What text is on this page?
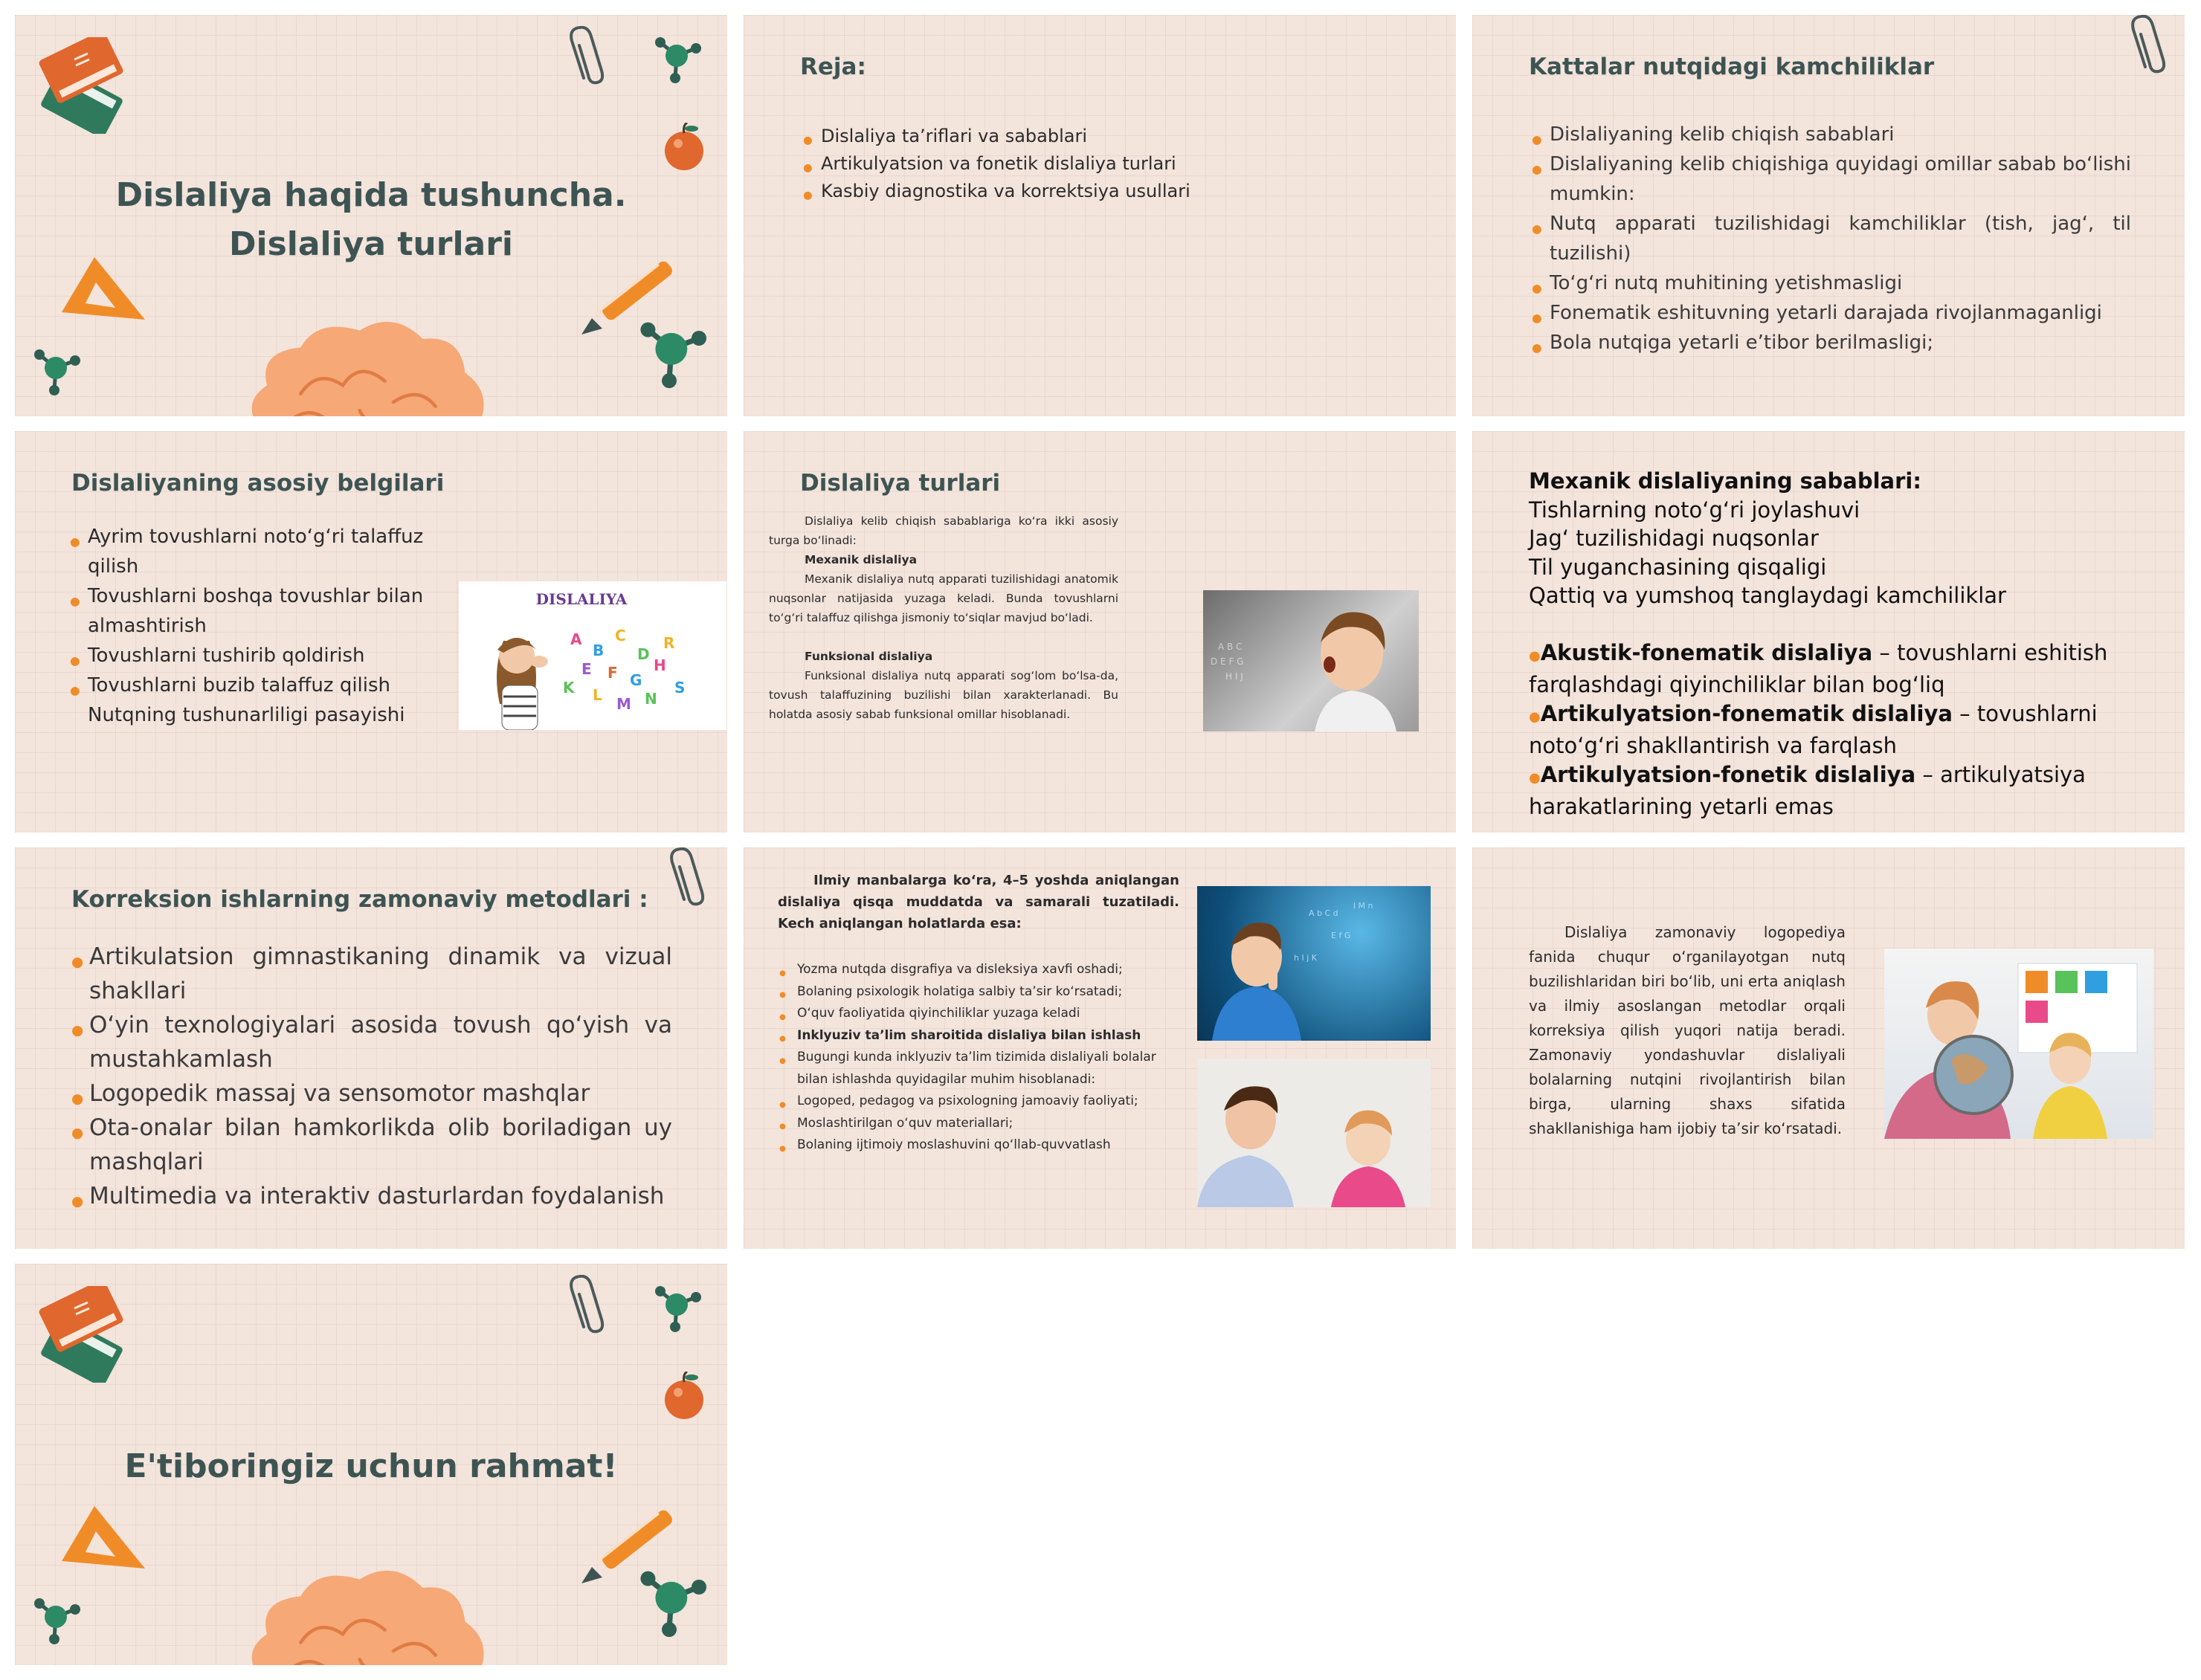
Dislaliya haqida tushuncha.
Dislaliya turlari
Reja:
● Dislaliya ta’riflari va sabablari
● Artikulyatsion va fonetik dislaliya turlari
● Kasbiy diagnostika va korrektsiya usullari
Kattalar nutqidagi kamchiliklar
● Dislaliyaning kelib chiqish sabablari
● Dislaliyaning kelib chiqishiga quyidagi omillar sabab bo‘lishi mumkin:
● Nutq apparati tuzilishidagi kamchiliklar (tish, jag‘, til tuzilishi)
● To‘g‘ri nutq muhitining yetishmasligi
● Fonematik eshituvning yetarli darajada rivojlanmaganligi
● Bola nutqiga yetarli e’tibor berilmasligi;
Dislaliyaning asosiy belgilari
● Ayrim tovushlarni noto‘g‘ri talaffuz qilish
● Tovushlarni boshqa tovushlar bilan almashtirish
● Tovushlarni tushirib qoldirish
● Tovushlarni buzib talaffuz qilish Nutqning tushunarliligi pasayishi
DISLALIYA
A
B
C
D
E F G
H
K L M N
R
S
Dislaliya turlari
Dislaliya kelib chiqish sabablariga ko‘ra ikki asosiy turga bo‘linadi:
Mexanik dislaliya
Mexanik dislaliya nutq apparati tuzilishidagi anatomik nuqsonlar natijasida yuzaga keladi. Bunda tovushlarni to‘g‘ri talaffuz qilishga jismoniy to‘siqlar mavjud bo‘ladi.
Funksional dislaliya
Funksional dislaliya nutq apparati sog‘lom bo‘lsa-da, tovush talaffuzining buzilishi bilan xarakterlanadi. Bu holatda asosiy sabab funksional omillar hisoblanadi.
A B C
D E F G
H I J
Mexanik dislaliyaning sabablari:
Tishlarning noto‘g‘ri joylashuvi
Jag‘ tuzilishidagi nuqsonlar
Til yuganchasining qisqaligi
Qattiq va yumshoq tanglaydagi kamchiliklar
●Akustik-fonematik dislaliya – tovushlarni eshitish farqlashdagi qiyinchiliklar bilan bog‘liq
●Artikulyatsion-fonematik dislaliya – tovushlarni noto‘g‘ri shakllantirish va farqlash
●Artikulyatsion-fonetik dislaliya – artikulyatsiya harakatlarining yetarli emas
Korreksion ishlarning zamonaviy metodlari :
● Artikulatsion gimnastikaning dinamik va vizual shakllari
● O‘yin texnologiyalari asosida tovush qo‘yish va mustahkamlash
● Logopedik massaj va sensomotor mashqlar
● Ota-onalar bilan hamkorlikda olib boriladigan uy mashqlari
● Multimedia va interaktiv dasturlardan foydalanish
Ilmiy manbalarga ko‘ra, 4–5 yoshda aniqlangan dislaliya qisqa muddatda va samarali tuzatiladi. Kech aniqlangan holatlarda esa:
● Yozma nutqda disgrafiya va disleksiya xavfi oshadi;
● Bolaning psixologik holatiga salbiy ta’sir ko‘rsatadi;
● O‘quv faoliyatida qiyinchiliklar yuzaga keladi
● Inklyuziv ta’lim sharoitida dislaliya bilan ishlash
● Bugungi kunda inklyuziv ta’lim tizimida dislaliyali bolalar bilan ishlashda quyidagilar muhim hisoblanadi:
● Logoped, pedagog va psixologning jamoaviy faoliyati;
● Moslashtirilgan o‘quv materiallari;
● Bolaning ijtimoiy moslashuvini qo‘llab-quvvatlash
A b C d
E f G
h I j K
l M n
Dislaliya zamonaviy logopediya fanida chuqur o‘rganilayotgan nutq buzilishlaridan biri bo‘lib, uni erta aniqlash va ilmiy asoslangan metodlar orqali korreksiya qilish yuqori natija beradi. Zamonaviy yondashuvlar dislaliyali bolalarning nutqini rivojlantirish bilan birga, ularning shaxs sifatida shakllanishiga ham ijobiy ta’sir ko‘rsatadi.
E'tiboringiz uchun rahmat!
